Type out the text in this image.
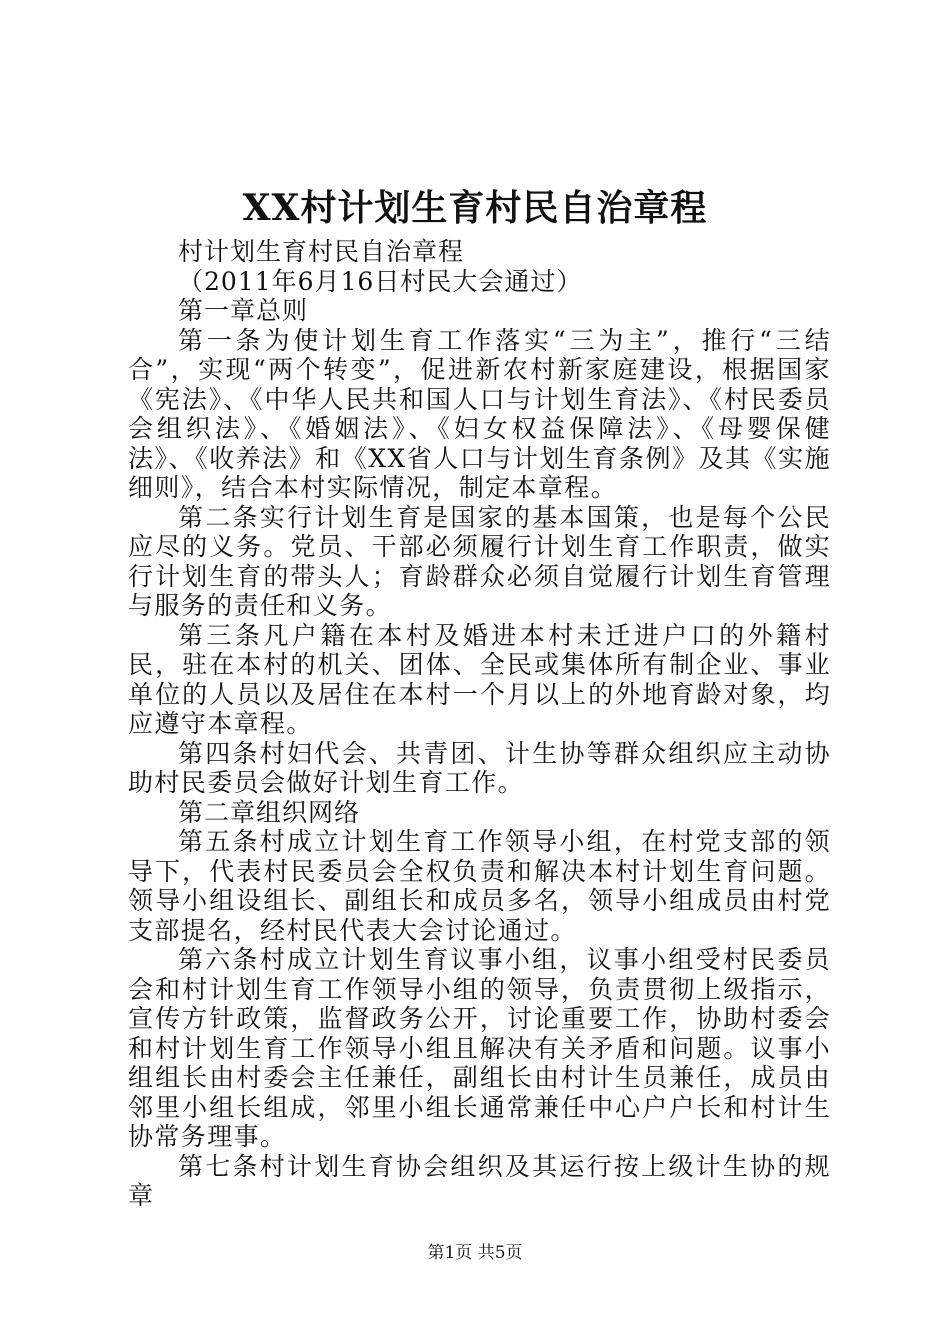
XX村计划生育村民自治章程

村计划生育村民自治章程

（2011年6月16日村民大会通过）

第一章总则

第一条为使计划生育工作落实“三为主”，推行“三结合”，实现“两个转变”，促进新农村新家庭建设，根据国家《宪法》、《中华人民共和国人口与计划生育法》、《村民委员会组织法》、《婚姻法》、《妇女权益保障法》、《母婴保健法》、《收养法》和《XX省人口与计划生育条例》及其《实施细则》，结合本村实际情况，制定本章程。

第二条实行计划生育是国家的基本国策，也是每个公民应尽的义务。党员、干部必须履行计划生育工作职责，做实行计划生育的带头人；育龄群众必须自觉履行计划生育管理与服务的责任和义务。

第三条凡户籍在本村及婚进本村未迁进户口的外籍村民，驻在本村的机关、团体、全民或集体所有制企业、事业单位的人员以及居住在本村一个月以上的外地育龄对象，均应遵守本章程。

第四条村妇代会、共青团、计生协等群众组织应主动协助村民委员会做好计划生育工作。

第二章组织网络

第五条村成立计划生育工作领导小组，在村党支部的领导下，代表村民委员会全权负责和解决本村计划生育问题。领导小组设组长、副组长和成员多名，领导小组成员由村党支部提名，经村民代表大会讨论通过。

第六条村成立计划生育议事小组，议事小组受村民委员会和村计划生育工作领导小组的领导，负责贯彻上级指示，宣传方针政策，监督政务公开，讨论重要工作，协助村委会和村计划生育工作领导小组且解决有关矛盾和问题。议事小组组长由村委会主任兼任，副组长由村计生员兼任，成员由邻里小组长组成，邻里小组长通常兼任中心户户长和村计生协常务理事。

第七条村计划生育协会组织及其运行按上级计生协的规章

第1页 共5页
